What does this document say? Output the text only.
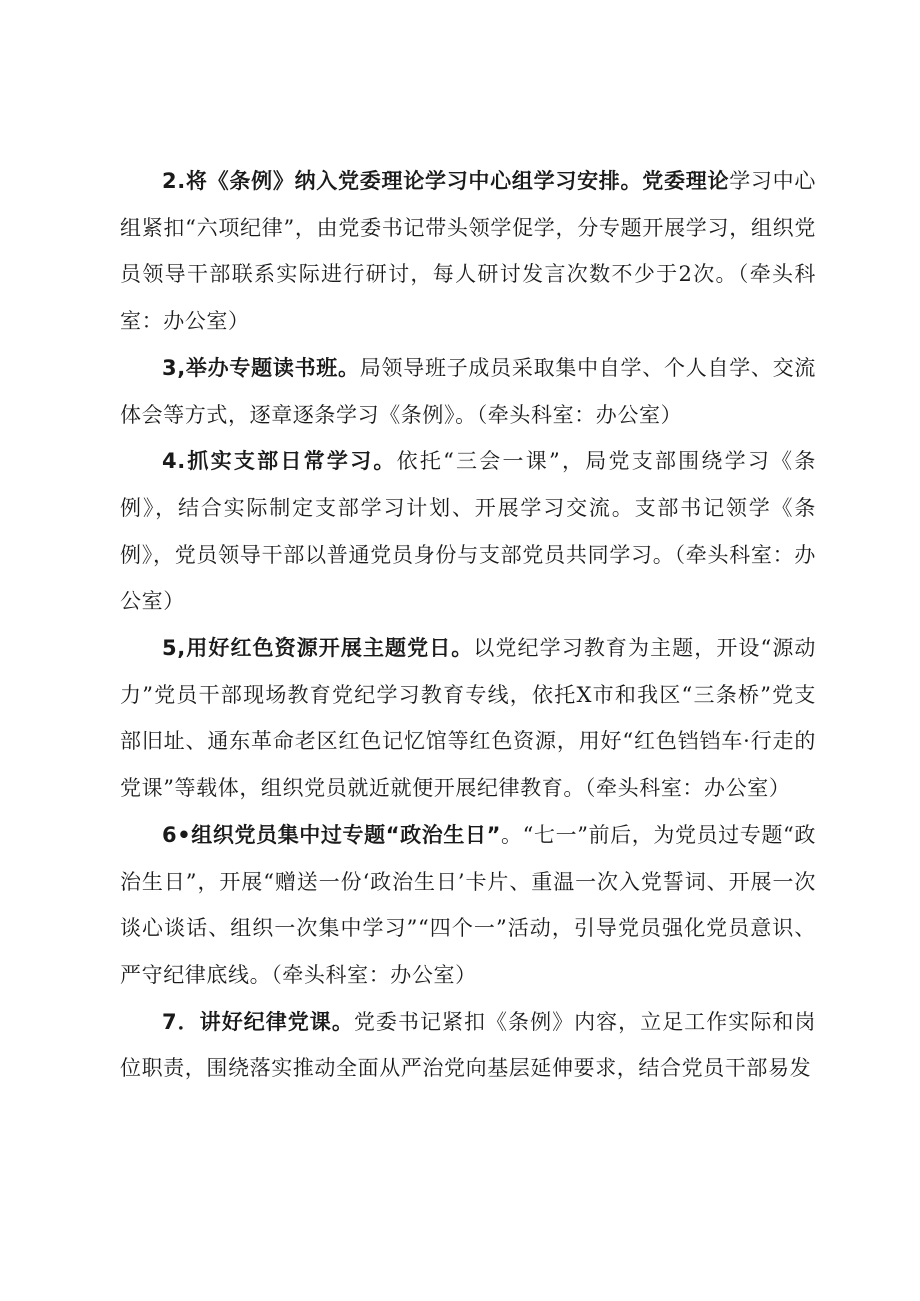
2.将《条例》纳入党委理论学习中心组学习安排。党委理论学习中心组紧扣“六项纪律”，由党委书记带头领学促学，分专题开展学习，组织党员领导干部联系实际进行研讨，每人研讨发言次数不少于2次。（牵头科室：办公室）

3,举办专题读书班。局领导班子成员采取集中自学、个人自学、交流体会等方式，逐章逐条学习《条例》。（牵头科室：办公室）

4.抓实支部日常学习。依托“三会一课”，局党支部围绕学习《条例》，结合实际制定支部学习计划、开展学习交流。支部书记领学《条例》，党员领导干部以普通党员身份与支部党员共同学习。（牵头科室：办公室）

5,用好红色资源开展主题党日。以党纪学习教育为主题，开设“源动力”党员干部现场教育党纪学习教育专线，依托X市和我区“三条桥”党支部旧址、通东革命老区红色记忆馆等红色资源，用好“红色铛铛车·行走的党课”等载体，组织党员就近就便开展纪律教育。（牵头科室：办公室）

6•组织党员集中过专题“政治生日”。“七一”前后，为党员过专题“政治生日”，开展“赠送一份‘政治生日’卡片、重温一次入党誓词、开展一次谈心谈话、组织一次集中学习”“四个一”活动，引导党员强化党员意识、严守纪律底线。（牵头科室：办公室）

7．讲好纪律党课。党委书记紧扣《条例》内容，立足工作实际和岗位职责，围绕落实推动全面从严治党向基层延伸要求，结合党员干部易发
